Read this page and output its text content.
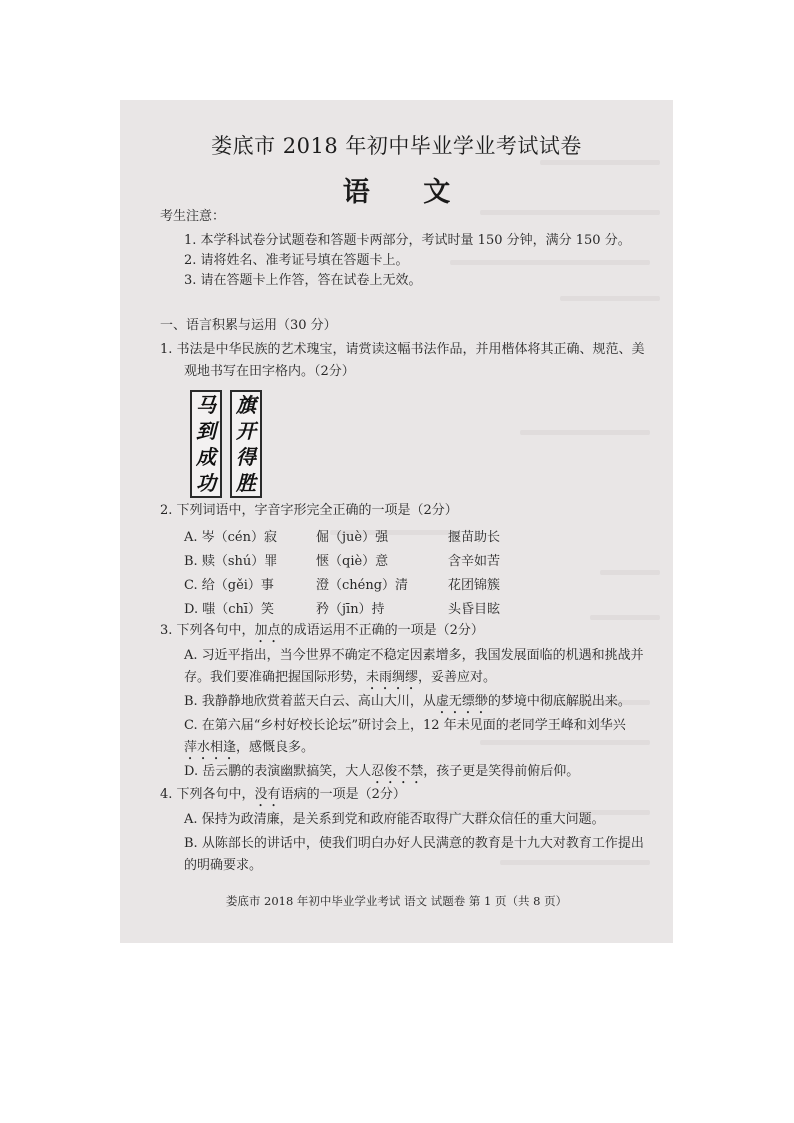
娄底市 2018 年初中毕业学业考试试卷
语 文
考生注意：
1. 本学科试卷分试题卷和答题卡两部分，考试时量 150 分钟，满分 150 分。
2. 请将姓名、准考证号填在答题卡上。
3. 请在答题卡上作答，答在试卷上无效。
一、语言积累与运用（30 分）
1. 书法是中华民族的艺术瑰宝，请赏读这幅书法作品，并用楷体将其正确、规范、美
观地书写在田字格内。（2分）
马
到
成
功
旗
开
得
胜
2. 下列词语中，字音字形完全正确的一项是（2分）
A. 岑（cén）寂	倔（juè）强	揠苗助长
B. 赎（shú）罪	惬（qiè）意	含辛如苦
C. 给（gěi）事	澄（chéng）清	花团锦簇
D. 嗤（chī）笑	矜（jīn）持	头昏目眩
3. 下列各句中，加点的成语运用不正确的一项是（2分）
A. 习近平指出，当今世界不确定不稳定因素增多，我国发展面临的机遇和挑战并
存。我们要准确把握国际形势，未雨绸缪，妥善应对。
B. 我静静地欣赏着蓝天白云、高山大川，从虚无缥缈的梦境中彻底解脱出来。
C. 在第六届“乡村好校长论坛”研讨会上，12 年未见面的老同学王峰和刘华兴
萍水相逢，感慨良多。
D. 岳云鹏的表演幽默搞笑，大人忍俊不禁，孩子更是笑得前俯后仰。
4. 下列各句中，没有语病的一项是（2分）
A. 保持为政清廉，是关系到党和政府能否取得广大群众信任的重大问题。
B. 从陈部长的讲话中，使我们明白办好人民满意的教育是十九大对教育工作提出
的明确要求。
娄底市 2018 年初中毕业学业考试 语文 试题卷 第 1 页（共 8 页）
